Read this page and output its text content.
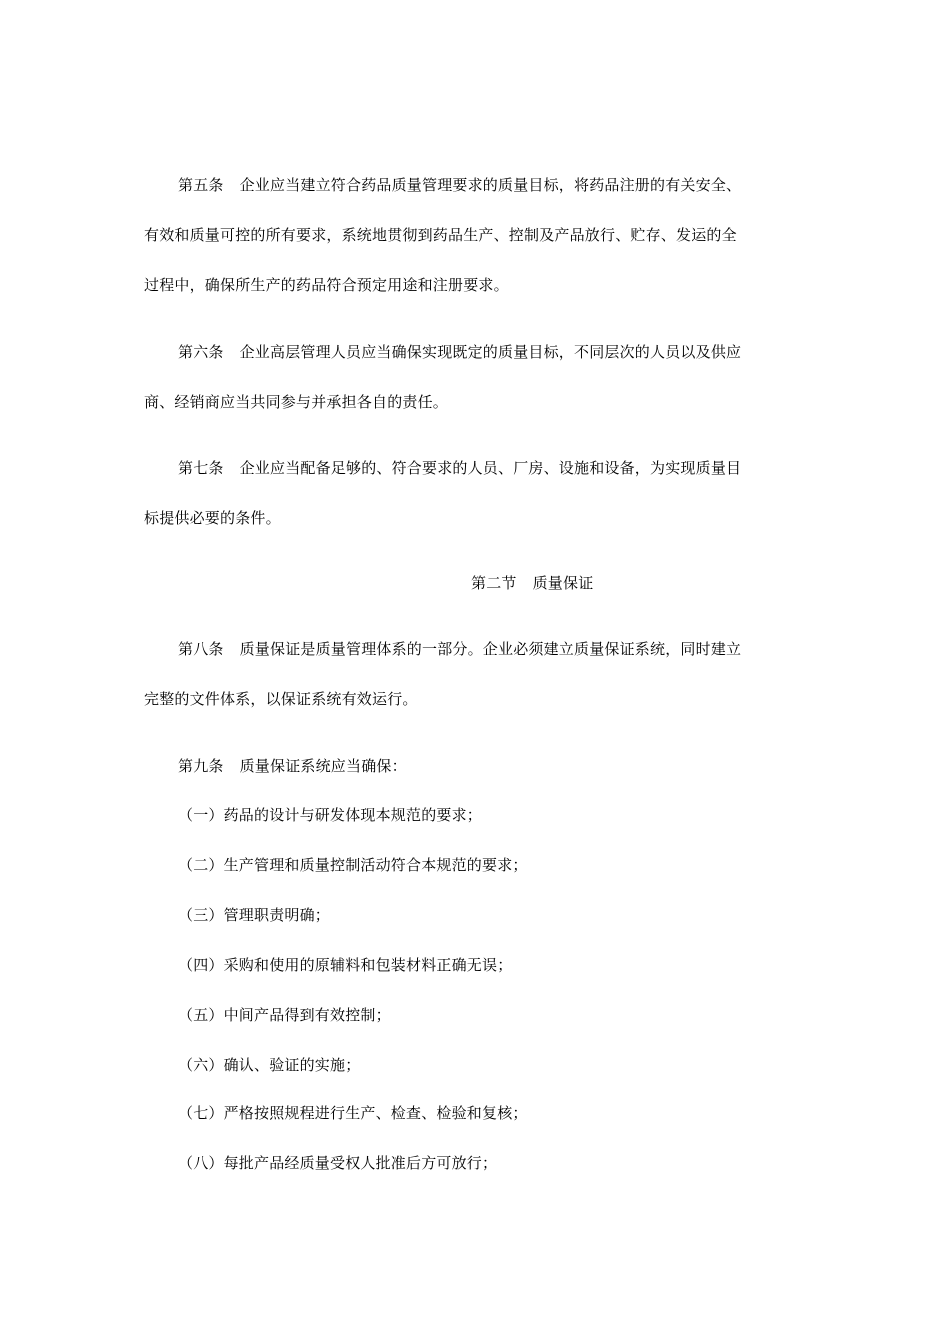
第五条 企业应当建立符合药品质量管理要求的质量目标，将药品注册的有关安全、
有效和质量可控的所有要求，系统地贯彻到药品生产、控制及产品放行、贮存、发运的全
过程中，确保所生产的药品符合预定用途和注册要求。
第六条 企业高层管理人员应当确保实现既定的质量目标，不同层次的人员以及供应
商、经销商应当共同参与并承担各自的责任。
第七条 企业应当配备足够的、符合要求的人员、厂房、设施和设备，为实现质量目
标提供必要的条件。
第二节 质量保证
第八条 质量保证是质量管理体系的一部分。企业必须建立质量保证系统，同时建立
完整的文件体系，以保证系统有效运行。
第九条 质量保证系统应当确保：
（一）药品的设计与研发体现本规范的要求；
（二）生产管理和质量控制活动符合本规范的要求；
（三）管理职责明确；
（四）采购和使用的原辅料和包装材料正确无误；
（五）中间产品得到有效控制；
（六）确认、验证的实施；
（七）严格按照规程进行生产、检查、检验和复核；
（八）每批产品经质量受权人批准后方可放行；
